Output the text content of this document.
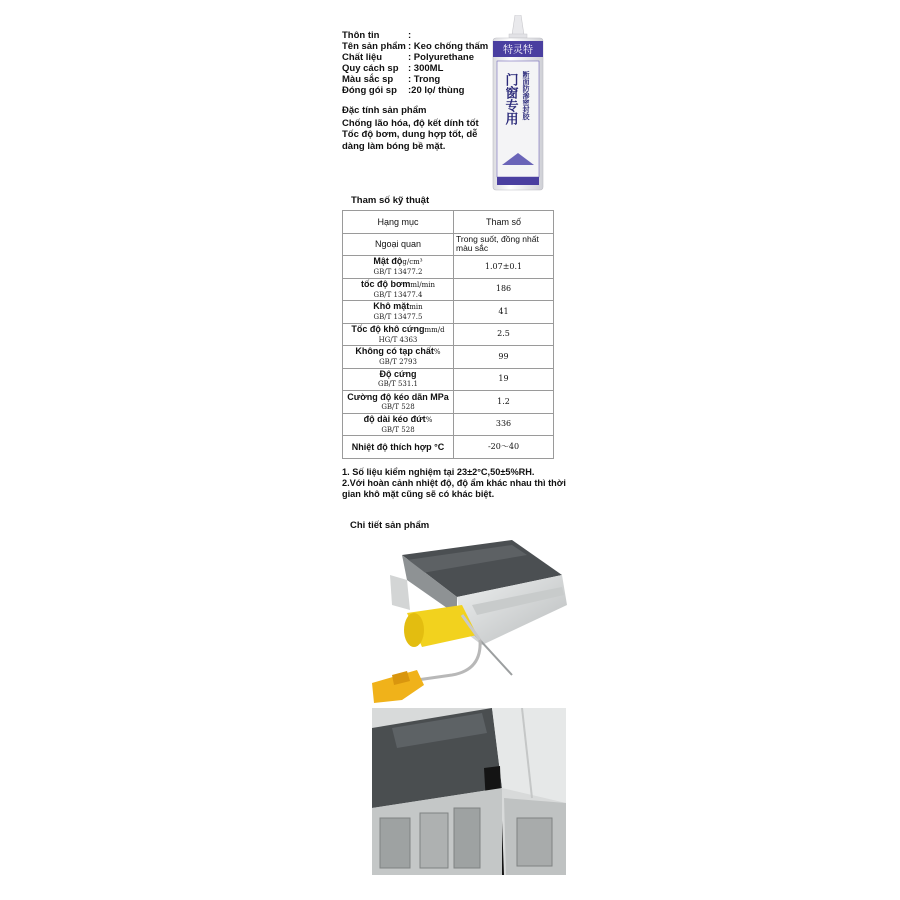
Thôn tin	:
Tên sản phẩm : Keo chống thấm
Chất liệu	: Polyurethane
Quy cách sp	: 300ML
Màu sắc sp	: Trong
Đóng gói sp	:20 lọ/ thùng
Đặc tính sản phẩm
Chống lão hóa, độ kết dính tốt
Tốc độ bơm, dung hợp tốt, dễ
dàng làm bóng bề mặt.
特灵特
门窗专用 断面防渗密封胶
Tham số kỹ thuật
Hạng mục	Tham số
Ngoại quan	Trong suốt, đồng nhất màu sắc
Mật độg/cm³
GB/T 13477.2	1.07±0.1
tốc độ bơmml/min
GB/T 13477.4	186
Khô mặtmin
GB/T 13477.5	41
Tốc độ khô cứngmm/d
HG/T 4363	2.5
Không có tạp chất%
GB/T 2793	99
Độ cứng
GB/T 531.1	19
Cường độ kéo dãn MPa
GB/T 528	1.2
độ dài kéo đứt%
GB/T 528	336
Nhiệt độ thích hợp °C	-20～40
1. Số liệu kiểm nghiệm tại 23±2°C,50±5%RH.
2.Với hoàn cảnh nhiệt độ, độ ẩm khác nhau thì thời gian khô mặt cũng sẽ có khác biệt.
Chi tiết sản phẩm
